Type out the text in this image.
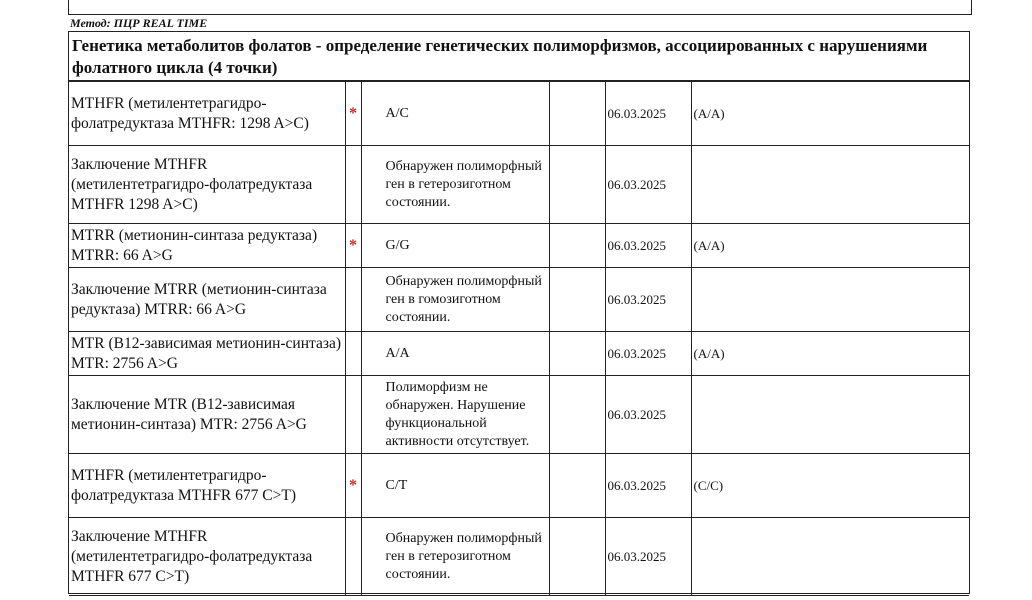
Метод: ПЦР REAL TIME
Генетика метаболитов фолатов - определение генетических полиморфизмов, ассоциированных с нарушениями фолатного цикла (4 точки)
MTHFR (метилентетрагидро-фолатредуктаза MTHFR: 1298 A>C)	*	A/C		06.03.2025	(A/A)
Заключение MTHFR (метилентетрагидро-фолатредуктаза MTHFR 1298 A>C)		Обнаружен полиморфный ген в гетерозиготном состоянии.		06.03.2025	
MTRR (метионин-синтаза редуктаза) MTRR: 66 A>G	*	G/G		06.03.2025	(A/A)
Заключение MTRR (метионин-синтаза редуктаза) MTRR: 66 A>G		Обнаружен полиморфный ген в гомозиготном состоянии.		06.03.2025	
MTR (B12-зависимая метионин-синтаза) MTR: 2756 A>G		A/A		06.03.2025	(A/A)
Заключение MTR (B12-зависимая метионин-синтаза) MTR: 2756 A>G		Полиморфизм не обнаружен. Нарушение функциональной активности отсутствует.		06.03.2025	
MTHFR (метилентетрагидро-фолатредуктаза MTHFR 677 C>T)	*	C/T		06.03.2025	(C/C)
Заключение MTHFR (метилентетрагидро-фолатредуктаза MTHFR 677 C>T)		Обнаружен полиморфный ген в гетерозиготном состоянии.		06.03.2025	
